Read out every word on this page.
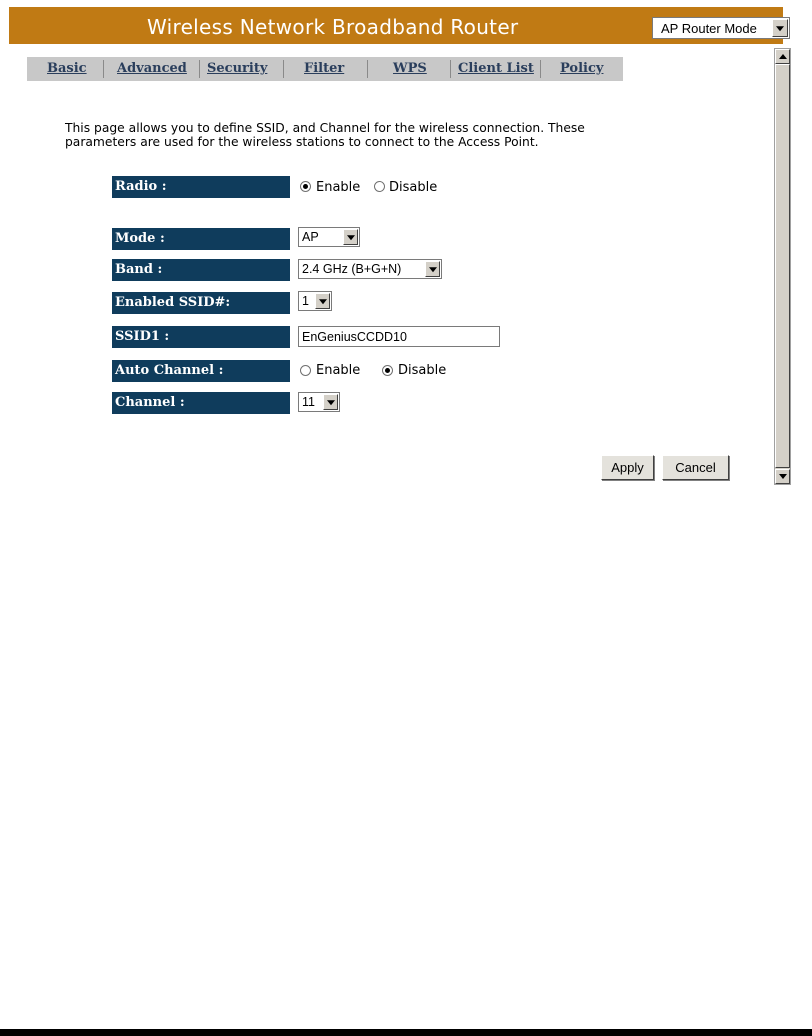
Wireless Network Broadband Router	AP Router Mode
Basic Advanced Security	Filter	WPS Client List Policy
This page allows you to define SSID, and Channel for the wireless connection. These
parameters are used for the wireless stations to connect to the Access Point.
Radio :	Enable Disable
Mode :	AP
Band :	2.4 GHz (B+G+N)
Enabled SSID#:	1
SSID1 :
EnGeniusCCDD10
Auto Channel :	Enable	Disable
Channel :	11
Apply	Cancel
